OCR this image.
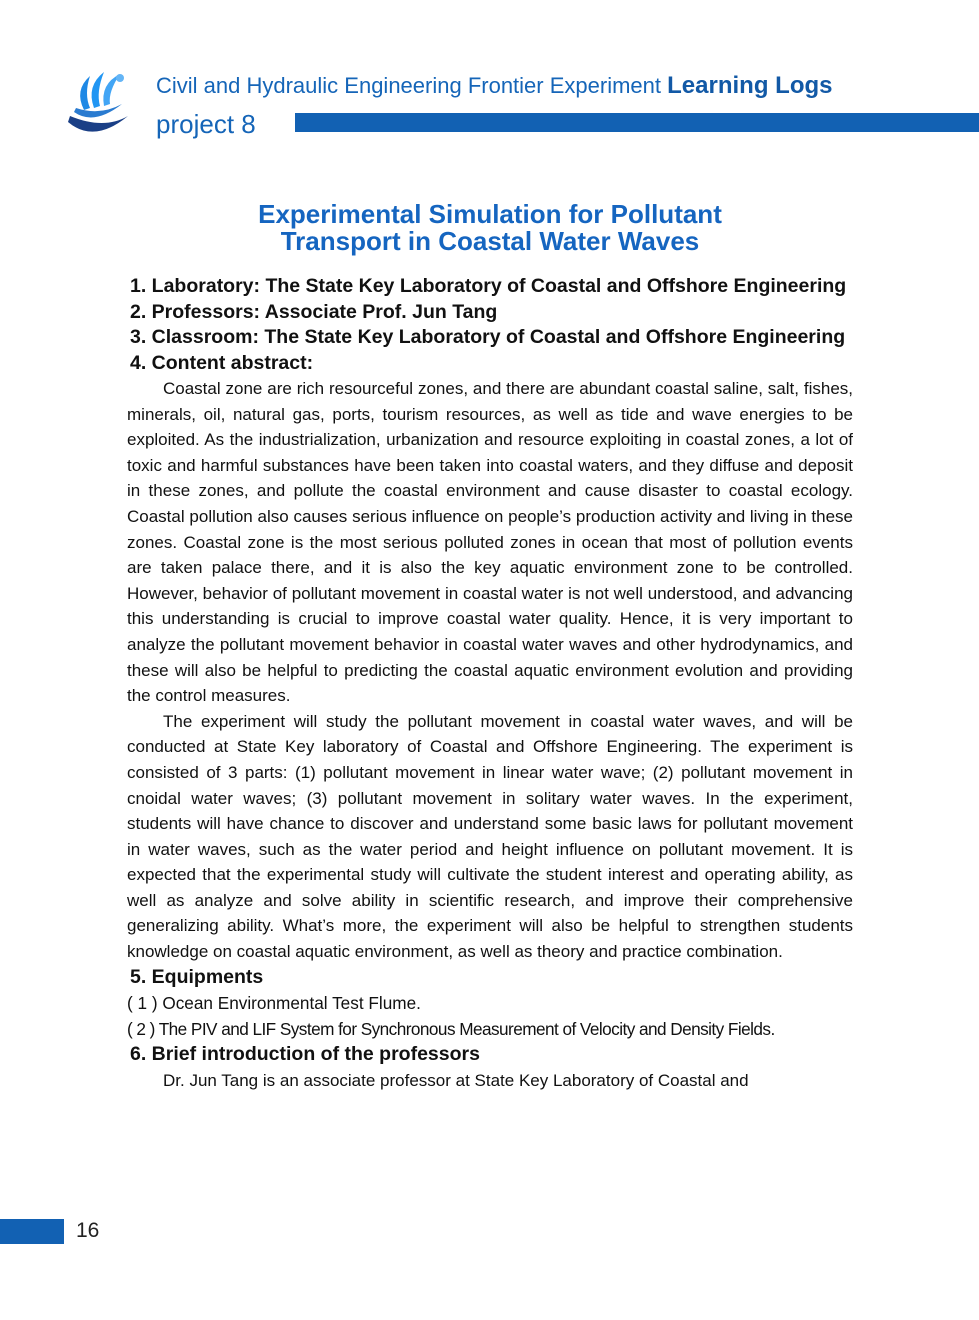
Civil and Hydraulic Engineering Frontier Experiment Learning Logs
project 8
Experimental Simulation for Pollutant
Transport in Coastal Water Waves

1. Laboratory: The State Key Laboratory of Coastal and Offshore Engineering

2. Professors: Associate Prof. Jun Tang

3. Classroom: The State Key Laboratory of Coastal and Offshore Engineering

4. Content abstract:

Coastal zone are rich resourceful zones, and there are abundant coastal saline, salt, fishes, minerals, oil, natural gas, ports, tourism resources, as well as tide and wave energies to be exploited. As the industrialization, urbanization and resource exploiting in coastal zones, a lot of toxic and harmful substances have been taken into coastal waters, and they diffuse and deposit in these zones, and pollute the coastal environment and cause disaster to coastal ecology. Coastal pollution also causes serious influence on people’s production activity and living in these zones. Coastal zone is the most serious polluted zones in ocean that most of pollution events are taken palace there, and it is also the key aquatic environment zone to be controlled. However, behavior of pollutant movement in coastal water is not well understood, and advancing this understanding is crucial to improve coastal water quality. Hence, it is very important to analyze the pollutant movement behavior in coastal water waves and other hydrodynamics, and these will also be helpful to predicting the coastal aquatic environment evolution and providing the control measures.

The experiment will study the pollutant movement in coastal water waves, and will be conducted at State Key laboratory of Coastal and Offshore Engineering. The experiment is consisted of 3 parts: (1) pollutant movement in linear water wave; (2) pollutant movement in cnoidal water waves; (3) pollutant movement in solitary water waves. In the experiment, students will have chance to discover and understand some basic laws for pollutant movement in water waves, such as the water period and height influence on pollutant movement. It is expected that the experimental study will cultivate the student interest and operating ability, as well as analyze and solve ability in scientific research, and improve their comprehensive generalizing ability. What’s more, the experiment will also be helpful to strengthen students knowledge on coastal aquatic environment, as well as theory and practice combination.

5. Equipments

( 1 ) Ocean Environmental Test Flume.

( 2 ) The PIV and LIF System for Synchronous Measurement of Velocity and Density Fields.

6. Brief introduction of the professors

Dr. Jun Tang is an associate professor at State Key Laboratory of Coastal and

16
